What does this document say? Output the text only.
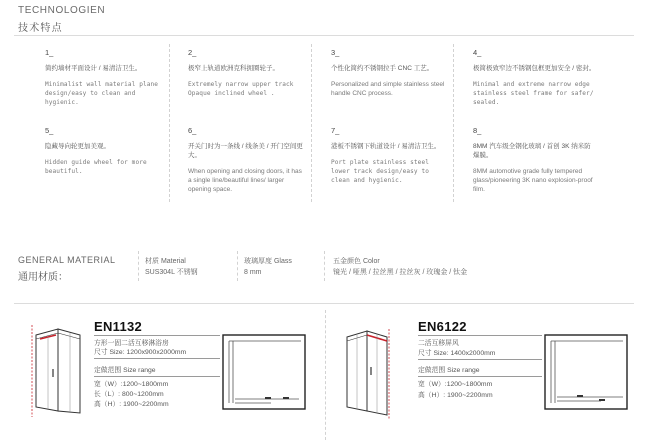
TECHNOLOGIEN
技术特点
1_
简约墙材平面设计 / 易清洁卫生。
Minimalist wall material plane design/easy to clean and hygienic.
2_
极窄上轨道欧洲克科拥圈轮子。
Extremely narrow upper track Opaque inclined wheel .
3_
个性化简约不锈钢拉手 CNC 工艺。
Personalized and simple stainless steel handle CNC process.
4_
极简极致窄边不锈钢包框更加安全 / 密封。
Minimal and extreme narrow edge stainless steel frame for safer/ sealed.
5_
隐藏导向轮更加美观。
Hidden guide wheel for more beautiful.
6_
开关门时为一条线 / 线条美 / 开门空间更大。
When opening and closing doors, it has a single line/beautiful lines/ larger opening space.
7_
港板不锈钢下轨道设计 / 易清洁卫生。
Port plate stainless steel lower track design/easy to clean and hygienic.
8_
8MM 汽车级全钢化玻璃 / 首创 3K 纳米防爆膜。
8MM automotive grade fully tempered glass/pioneering 3K nano explosion-proof film.
GENERAL MATERIAL
通用材质：
材质 Material
SUS304L 不锈钢
玻璃厚度 Glass
8 mm
五金颜色 Color
镜光 / 哑黑 / 拉丝黑 / 拉丝灰 / 玫瑰金 / 钛金
EN1132
方形一固二活互移淋浴房
尺寸 Size: 1200x900x2000mm
定做范围 Size range
宽（W）:1200~1800mm
长（L）: 800~1200mm
高（H）: 1900~2200mm
EN6122
二活互移屏风
尺寸 Size: 1400x2000mm
定做范围 Size range
宽（W）:1200~1800mm
高（H）: 1900~2200mm
